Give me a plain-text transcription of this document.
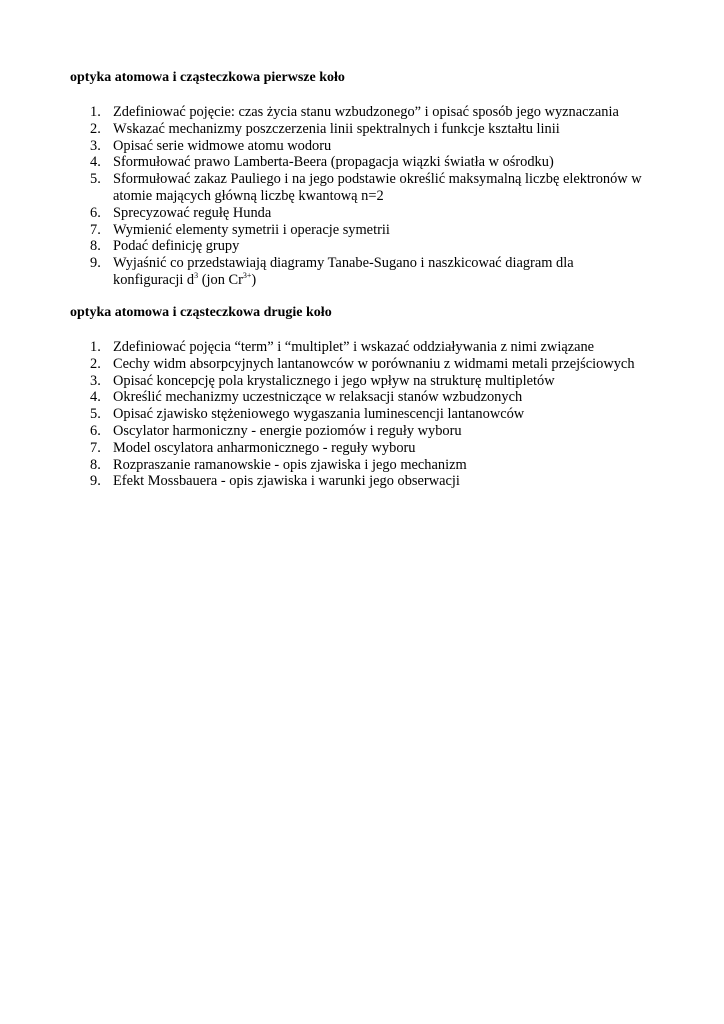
optyka atomowa i cząsteczkowa pierwsze koło
1. Zdefiniować pojęcie: czas życia stanu wzbudzonego” i opisać sposób jego wyznaczania
2. Wskazać mechanizmy poszczerzenia linii spektralnych i funkcje kształtu linii
3. Opisać serie widmowe atomu wodoru
4. Sformułować prawo Lamberta-Beera (propagacja wiązki światła w ośrodku)
5. Sformułować zakaz Pauliego i na jego podstawie określić maksymalną liczbę elektronów w
atomie mających główną liczbę kwantową n=2
6. Sprecyzować regułę Hunda
7. Wymienić elementy symetrii i operacje symetrii
8. Podać definicję grupy
9. Wyjaśnić co przedstawiają diagramy Tanabe-Sugano i naszkicować diagram dla
konfiguracji $d^3$ (jon $Cr^{3+}$)
optyka atomowa i cząsteczkowa drugie koło
1. Zdefiniować pojęcia “term” i “multiplet” i wskazać oddziaływania z nimi związane
2. Cechy widm absorpcyjnych lantanowców w porównaniu z widmami metali przejściowych
3. Opisać koncepcję pola krystalicznego i jego wpływ na strukturę multipletów
4. Określić mechanizmy uczestniczące w relaksacji stanów wzbudzonych
5. Opisać zjawisko stężeniowego wygaszania luminescencji lantanowców
6. Oscylator harmoniczny - energie poziomów i reguły wyboru
7. Model oscylatora anharmonicznego - reguły wyboru
8. Rozpraszanie ramanowskie - opis zjawiska i jego mechanizm
9. Efekt Mossbauera - opis zjawiska i warunki jego obserwacji
